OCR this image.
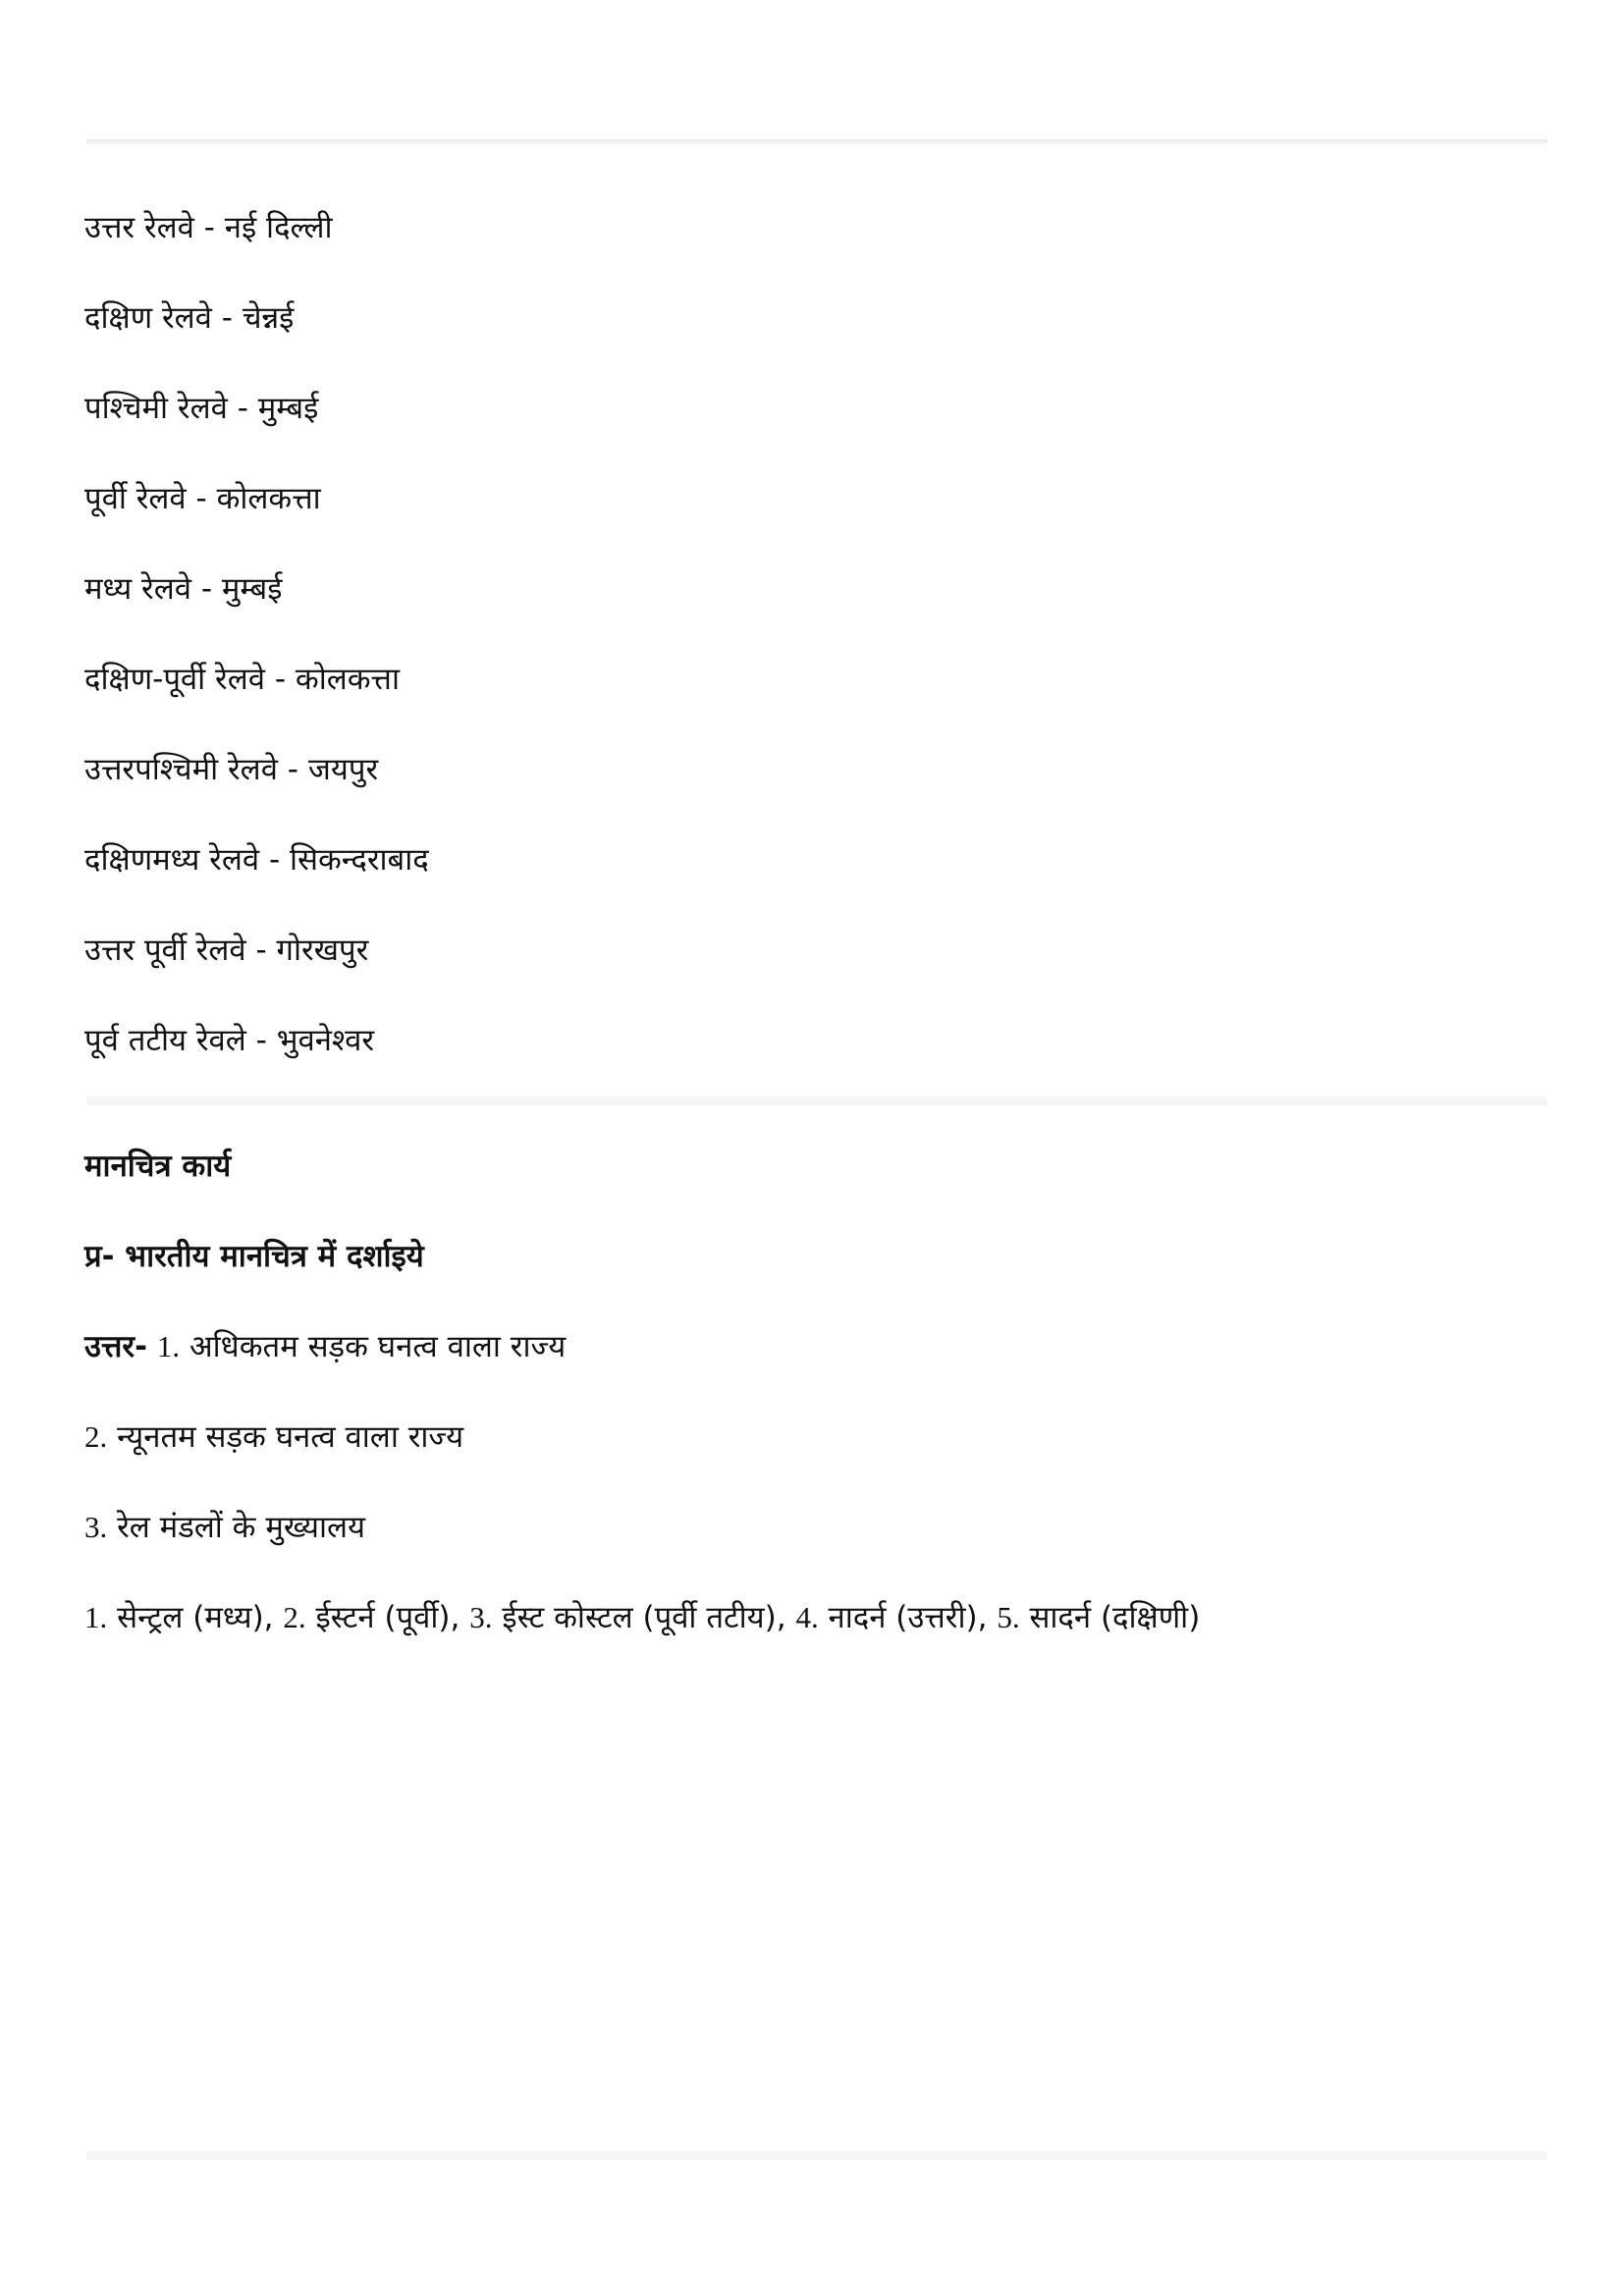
उत्तर रेलवे - नई दिल्ली
दक्षिण रेलवे - चेन्नई
पश्चिमी रेलवे - मुम्बई
पूर्वी रेलवे - कोलकत्ता
मध्य रेलवे - मुम्बई
दक्षिण-पूर्वी रेलवे - कोलकत्ता
उत्तरपश्चिमी रेलवे - जयपुर
दक्षिणमध्य रेलवे - सिकन्दराबाद
उत्तर पूर्वी रेलवे - गोरखपुर
पूर्व तटीय रेवले - भुवनेश्वर
मानचित्र कार्य
प्र- भारतीय मानचित्र में दर्शाइये
उत्तर- 1. अधिकतम सड़क घनत्व वाला राज्य
2. न्यूनतम सड़क घनत्व वाला राज्य
3. रेल मंडलों के मुख्यालय
1. सेन्ट्रल (मध्य), 2. ईस्टर्न (पूर्वी), 3. ईस्ट कोस्टल (पूर्वी तटीय), 4. नादर्न (उत्तरी), 5. सादर्न (दक्षिणी)
